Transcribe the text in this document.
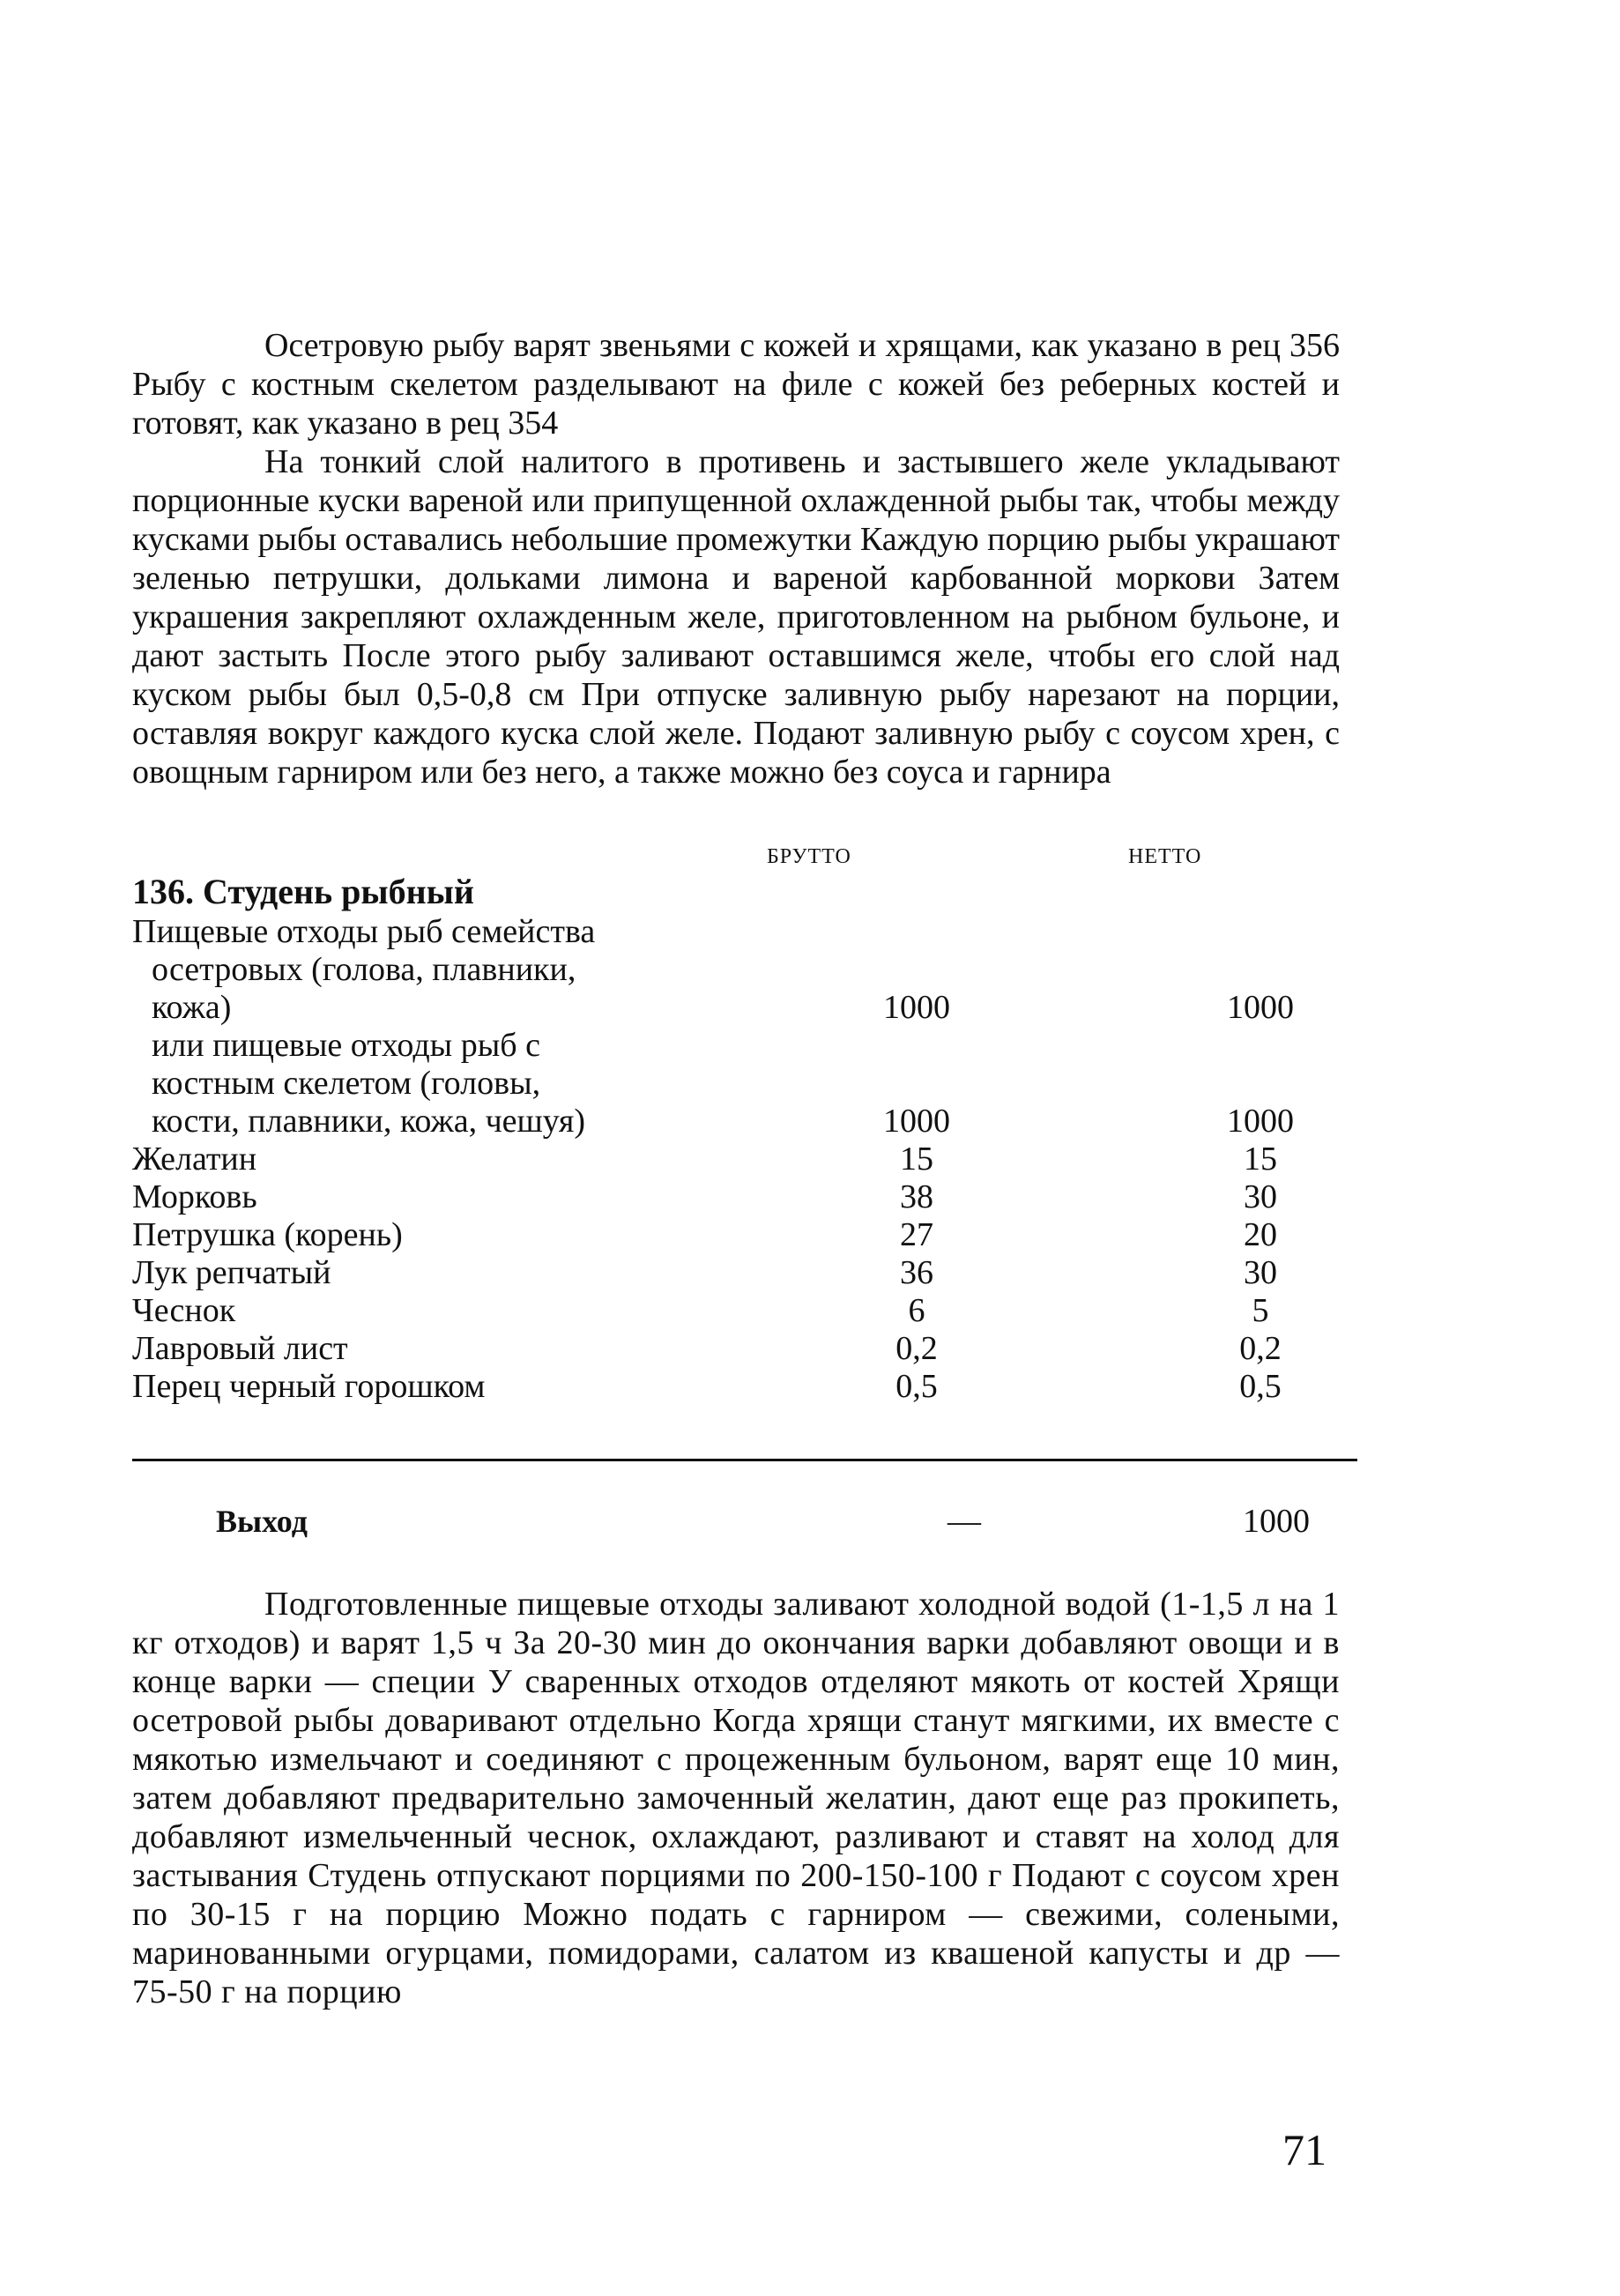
Осетровую рыбу варят звеньями с кожей и хрящами, как указано в рец 356 Рыбу с костным скелетом разделывают на филе с кожей без реберных костей и готовят, как указано в рец 354

На тонкий слой налитого в противень и застывшего желе укладывают порционные куски вареной или припущенной охлажденной рыбы так, чтобы между кусками рыбы оставались небольшие промежутки Каждую порцию рыбы украшают зеленью петрушки, дольками лимона и вареной карбованной моркови Затем украшения закрепляют охлажденным желе, приготовленном на рыбном бульоне, и дают застыть После этого рыбу заливают оставшимся желе, чтобы его слой над куском рыбы был 0,5-0,8 см При отпуске заливную рыбу нарезают на порции, оставляя вокруг каждого куска слой желе. Подают заливную рыбу с соусом хрен, с овощным гарниром или без него, а также можно без соуса и гарнира

БРУТТО	НЕТТО
136. Студень рыбный
Пищевые отходы рыб семейства
осетровых (голова, плавники,
кожа)	1000	1000

или пищевые отходы рыб с
костным скелетом (головы,
кости, плавники, кожа, чешуя)	1000	1000
Желатин	15	15
Морковь	38	30
Петрушка (корень)	27	20
Лук репчатый	36	30
Чеснок	6	5
Лавровый лист	0,2	0,2
Перец черный горошком	0,5	0,5
Выход	—	1000

Подготовленные пищевые отходы заливают холодной водой (1-1,5 л на 1 кг отходов) и варят 1,5 ч За 20-30 мин до окончания варки добавляют овощи и в конце варки — специи У сваренных отходов отделяют мякоть от костей Хрящи осетровой рыбы доваривают отдельно Когда хрящи станут мягкими, их вместе с мякотью измельчают и соединяют с процеженным бульоном, варят еще 10 мин, затем добавляют предварительно замоченный желатин, дают еще раз прокипеть, добавляют измельченный чеснок, охлаждают, разливают и ставят на холод для застывания Студень отпускают порциями по 200-150-100 г Подают с соусом хрен по 30-15 г на порцию Можно подать с гарниром — свежими, солеными, маринованными огурцами, помидорами, салатом из квашеной капусты и др — 75-50 г на порцию

71
